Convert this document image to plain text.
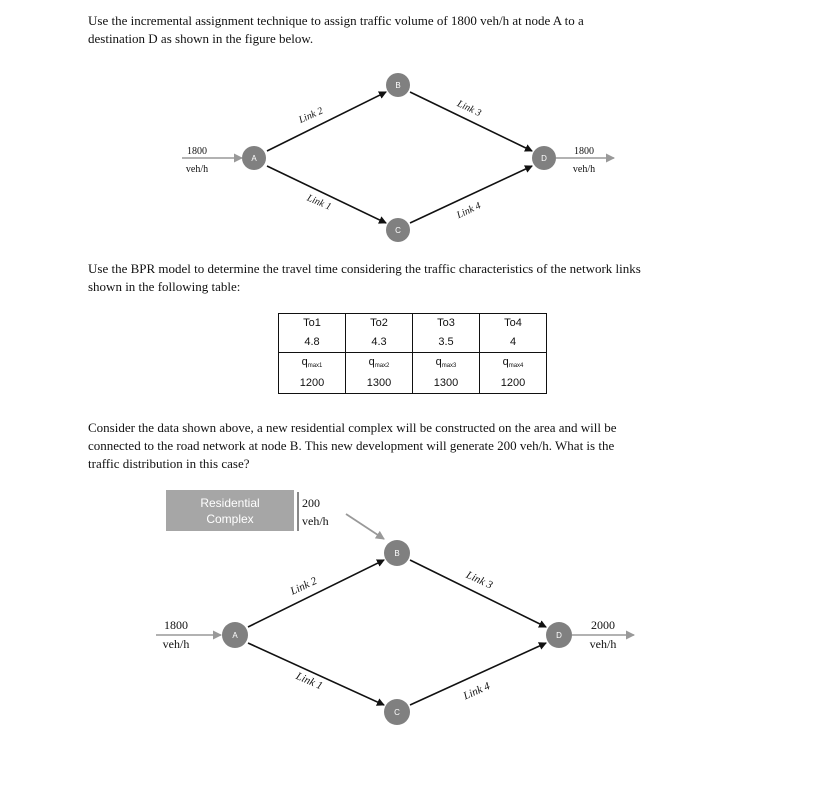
Use the incremental assignment technique to assign traffic volume of 1800 veh/h at node A to a
destination D as shown in the figure below.
Use the BPR model to determine the travel time considering the traffic characteristics of the network links
shown in the following table:
To1	To2	To3	To4
4.8	4.3	3.5	4
$q_{max1}$	$q_{max2}$	$q_{max3}$	$q_{max4}$
1200	1300	1300	1200
Consider the data shown above, a new residential complex will be constructed on the area and will be
connected to the road network at node B. This new development will generate 200 veh/h. What is the
traffic distribution in this case?
Residential
Complex
A
B
C
D
Link 2	Link 3
Link 1	Link 4
1800
veh/h
1800
veh/h
200
veh/h
A
B
C
D
Link 2	Link 3
Link 1	Link 4
1800
veh/h
2000
veh/h
